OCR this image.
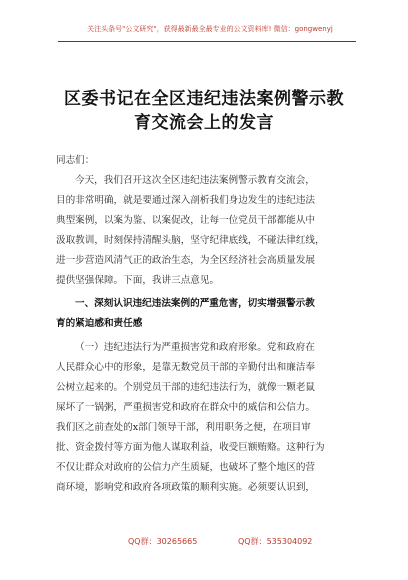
关注头条号"公文研究"，获得最新最全最专业的公文资料库! 微信：gongwenyj
区委书记在全区违纪违法案例警示教
育交流会上的发言
同志们：
今天，我们召开这次全区违纪违法案例警示教育交流会，
目的非常明确，就是要通过深入剖析我们身边发生的违纪违法
典型案例，以案为鉴、以案促改，让每一位党员干部都能从中
汲取教训，时刻保持清醒头脑，坚守纪律底线，不碰法律红线，
进一步营造风清气正的政治生态，为全区经济社会高质量发展
提供坚强保障。下面，我讲三点意见。
一、深刻认识违纪违法案例的严重危害，切实增强警示教
育的紧迫感和责任感
（一）违纪违法行为严重损害党和政府形象。党和政府在
人民群众心中的形象，是靠无数党员干部的辛勤付出和廉洁奉
公树立起来的。个别党员干部的违纪违法行为，就像一颗老鼠
屎坏了一锅粥，严重损害党和政府在群众中的威信和公信力。
我们区之前查处的x部门领导干部，利用职务之便，在项目审
批、资金拨付等方面为他人谋取利益，收受巨额贿赂。这种行为
不仅让群众对政府的公信力产生质疑，也破坏了整个地区的营
商环境，影响党和政府各项政策的顺利实施。必须要认识到，
QQ群：30265665	QQ群：535304092
